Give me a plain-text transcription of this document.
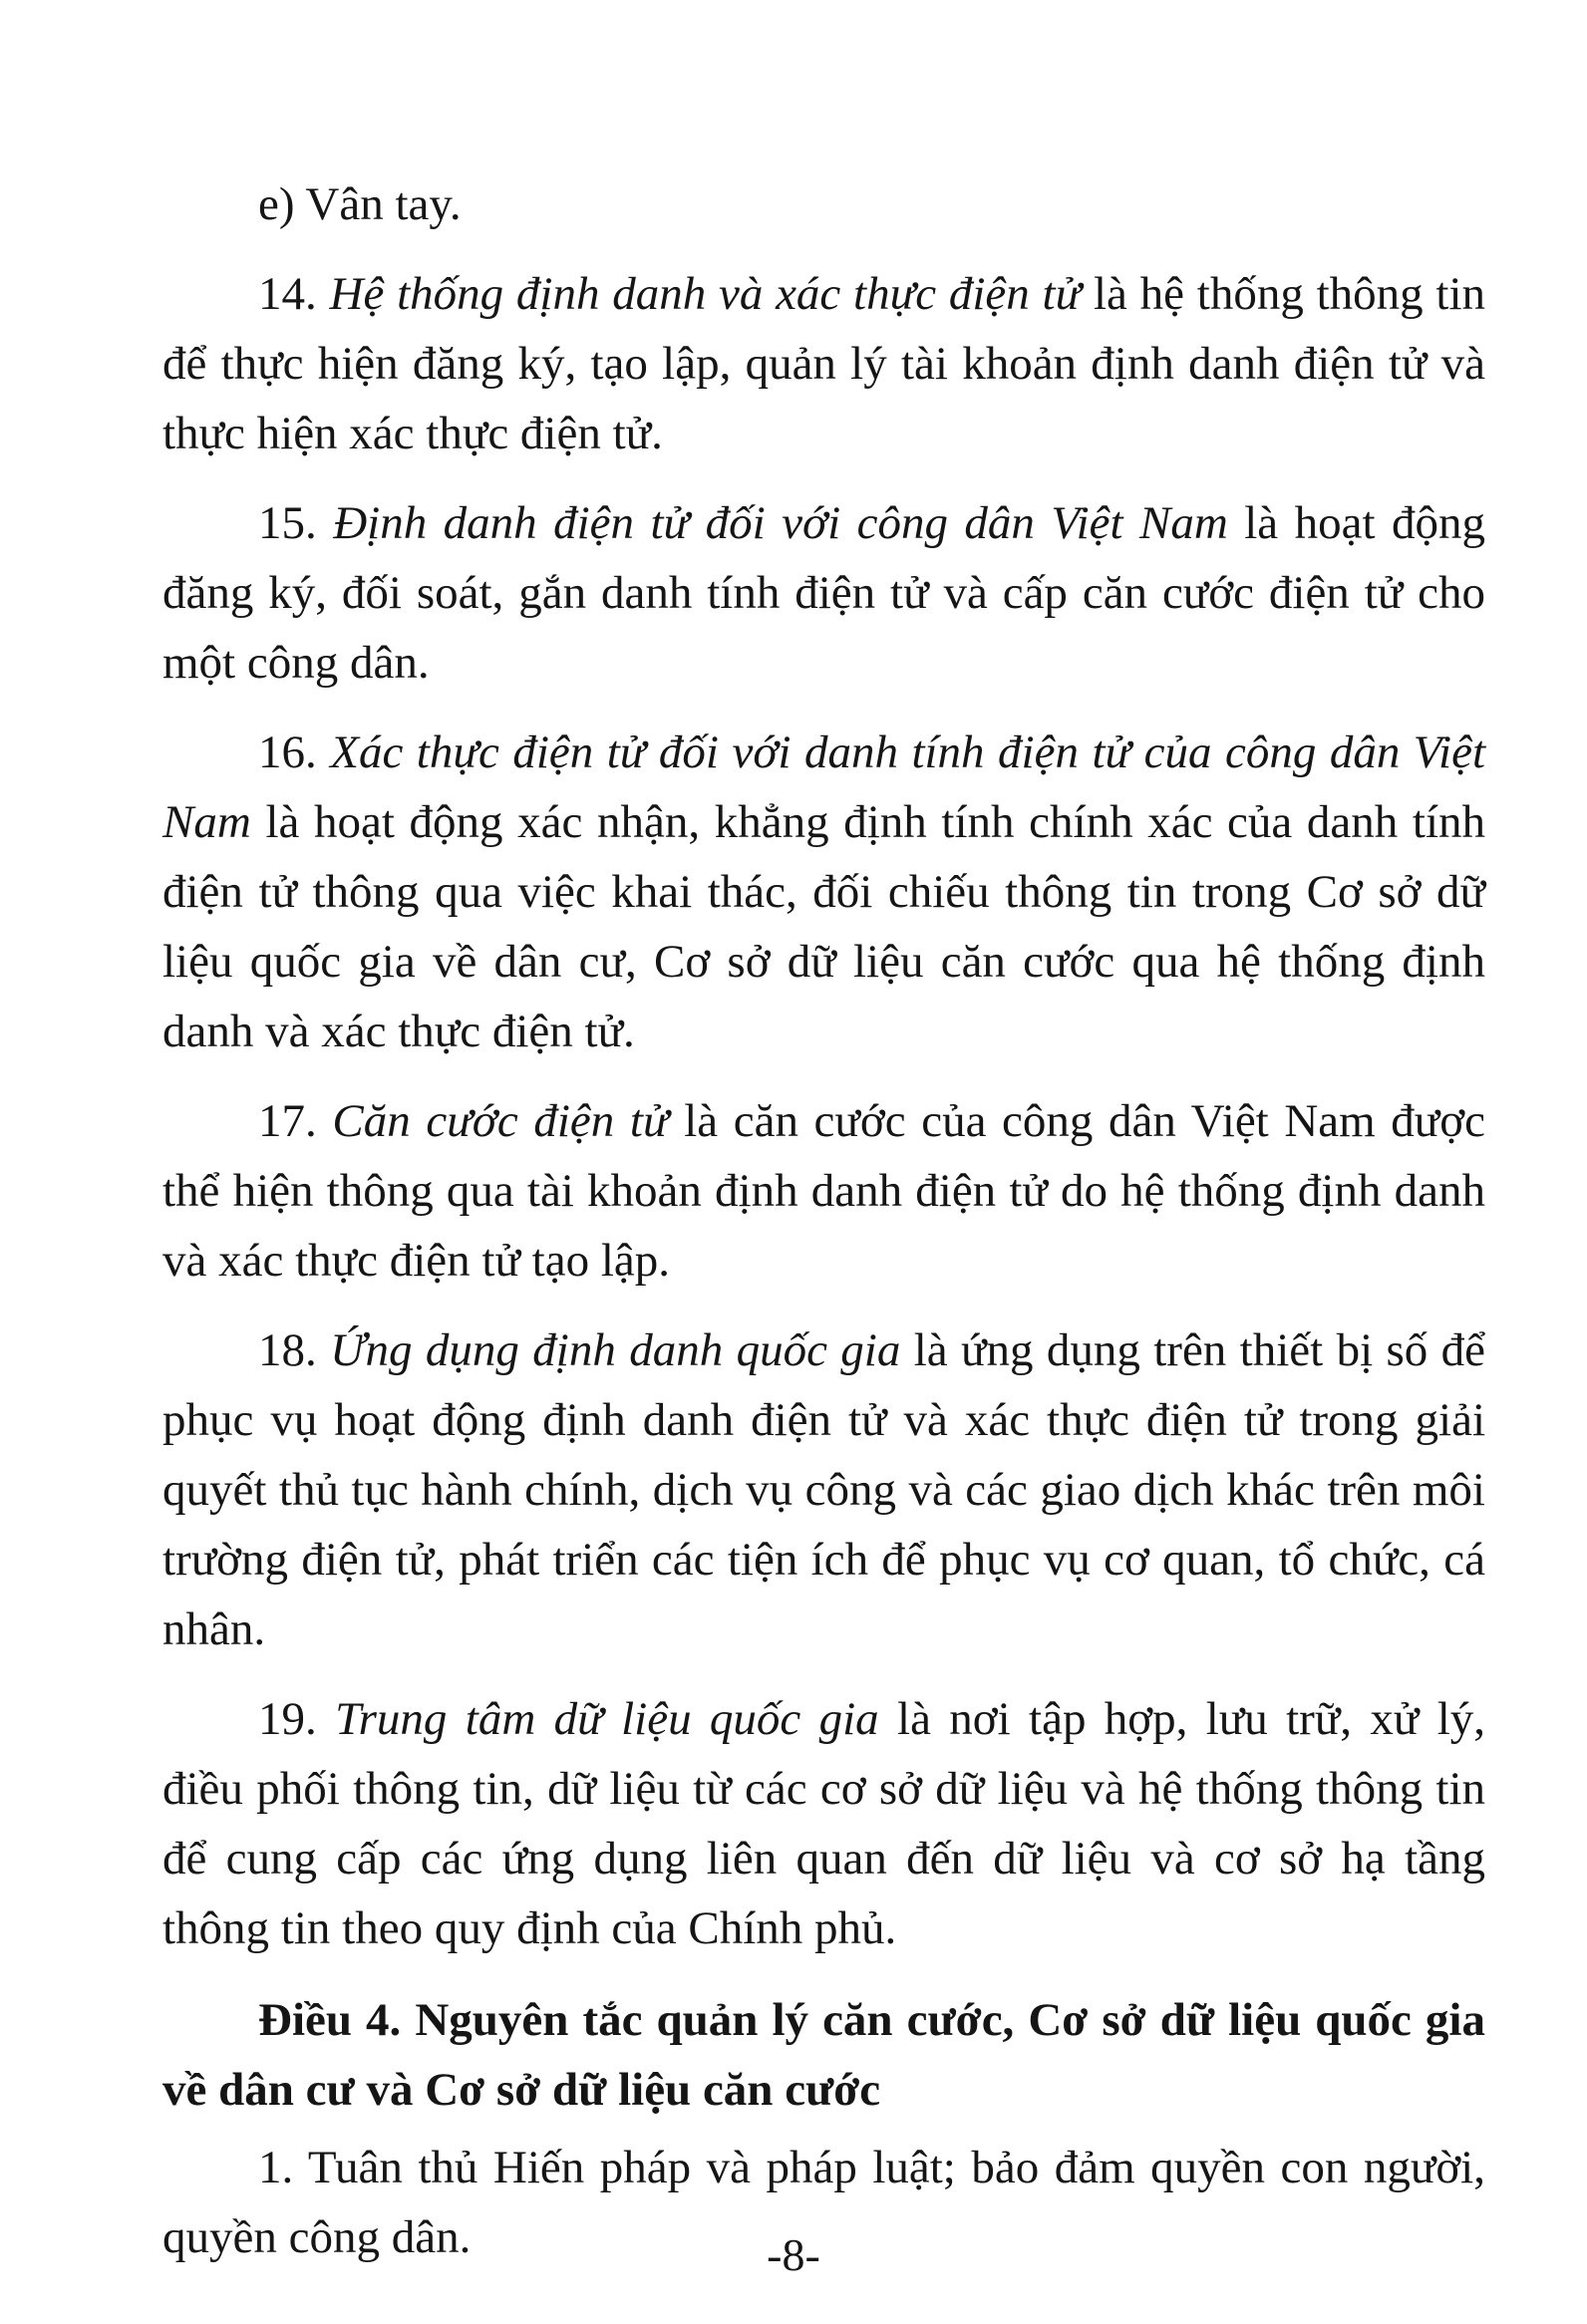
e) Vân tay.

14. Hệ thống định danh và xác thực điện tử là hệ thống thông tin để thực hiện đăng ký, tạo lập, quản lý tài khoản định danh điện tử và thực hiện xác thực điện tử.

15. Định danh điện tử đối với công dân Việt Nam là hoạt động đăng ký, đối soát, gắn danh tính điện tử và cấp căn cước điện tử cho một công dân.

16. Xác thực điện tử đối với danh tính điện tử của công dân Việt Nam là hoạt động xác nhận, khẳng định tính chính xác của danh tính điện tử thông qua việc khai thác, đối chiếu thông tin trong Cơ sở dữ liệu quốc gia về dân cư, Cơ sở dữ liệu căn cước qua hệ thống định danh và xác thực điện tử.

17. Căn cước điện tử là căn cước của công dân Việt Nam được thể hiện thông qua tài khoản định danh điện tử do hệ thống định danh và xác thực điện tử tạo lập.

18. Ứng dụng định danh quốc gia là ứng dụng trên thiết bị số để phục vụ hoạt động định danh điện tử và xác thực điện tử trong giải quyết thủ tục hành chính, dịch vụ công và các giao dịch khác trên môi trường điện tử, phát triển các tiện ích để phục vụ cơ quan, tổ chức, cá nhân.

19. Trung tâm dữ liệu quốc gia là nơi tập hợp, lưu trữ, xử lý, điều phối thông tin, dữ liệu từ các cơ sở dữ liệu và hệ thống thông tin để cung cấp các ứng dụng liên quan đến dữ liệu và cơ sở hạ tầng thông tin theo quy định của Chính phủ.

Điều 4. Nguyên tắc quản lý căn cước, Cơ sở dữ liệu quốc gia về dân cư và Cơ sở dữ liệu căn cước

1. Tuân thủ Hiến pháp và pháp luật; bảo đảm quyền con người, quyền công dân.	-8-
